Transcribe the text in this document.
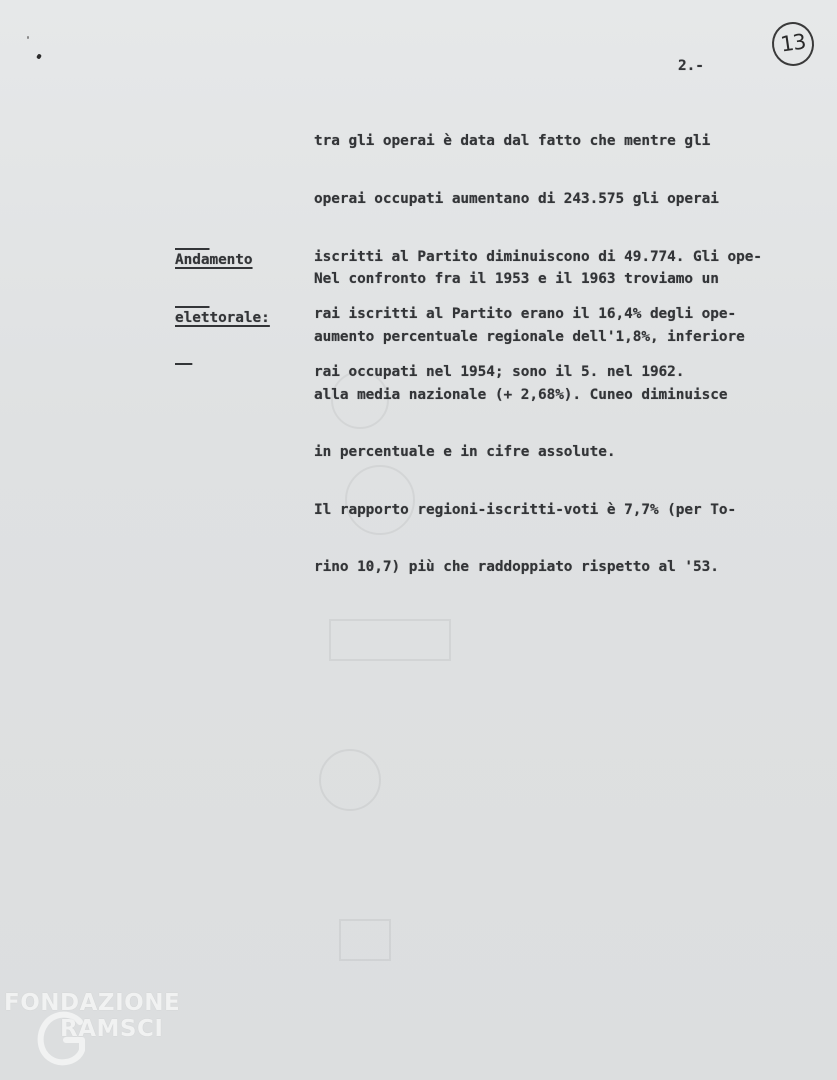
13
2.-

tra gli operai è data dal fatto che mentre gli

operai occupati aumentano di 243.575 gli operai

iscritti al Partito diminuiscono di 49.774. Gli ope-

rai iscritti al Partito erano il 16,4% degli ope-

rai occupati nel 1954; sono il 5. nel 1962.

Andamento

elettorale:

Nel confronto fra il 1953 e il 1963 troviamo un

aumento percentuale regionale dell'1,8%, inferiore

alla media nazionale (+ 2,68%). Cuneo diminuisce

in percentuale e in cifre assolute.

Il rapporto regioni-iscritti-voti è 7,7% (per To-

rino 10,7) più che raddoppiato rispetto al '53.

FONDAZIONE
RAMSCI
